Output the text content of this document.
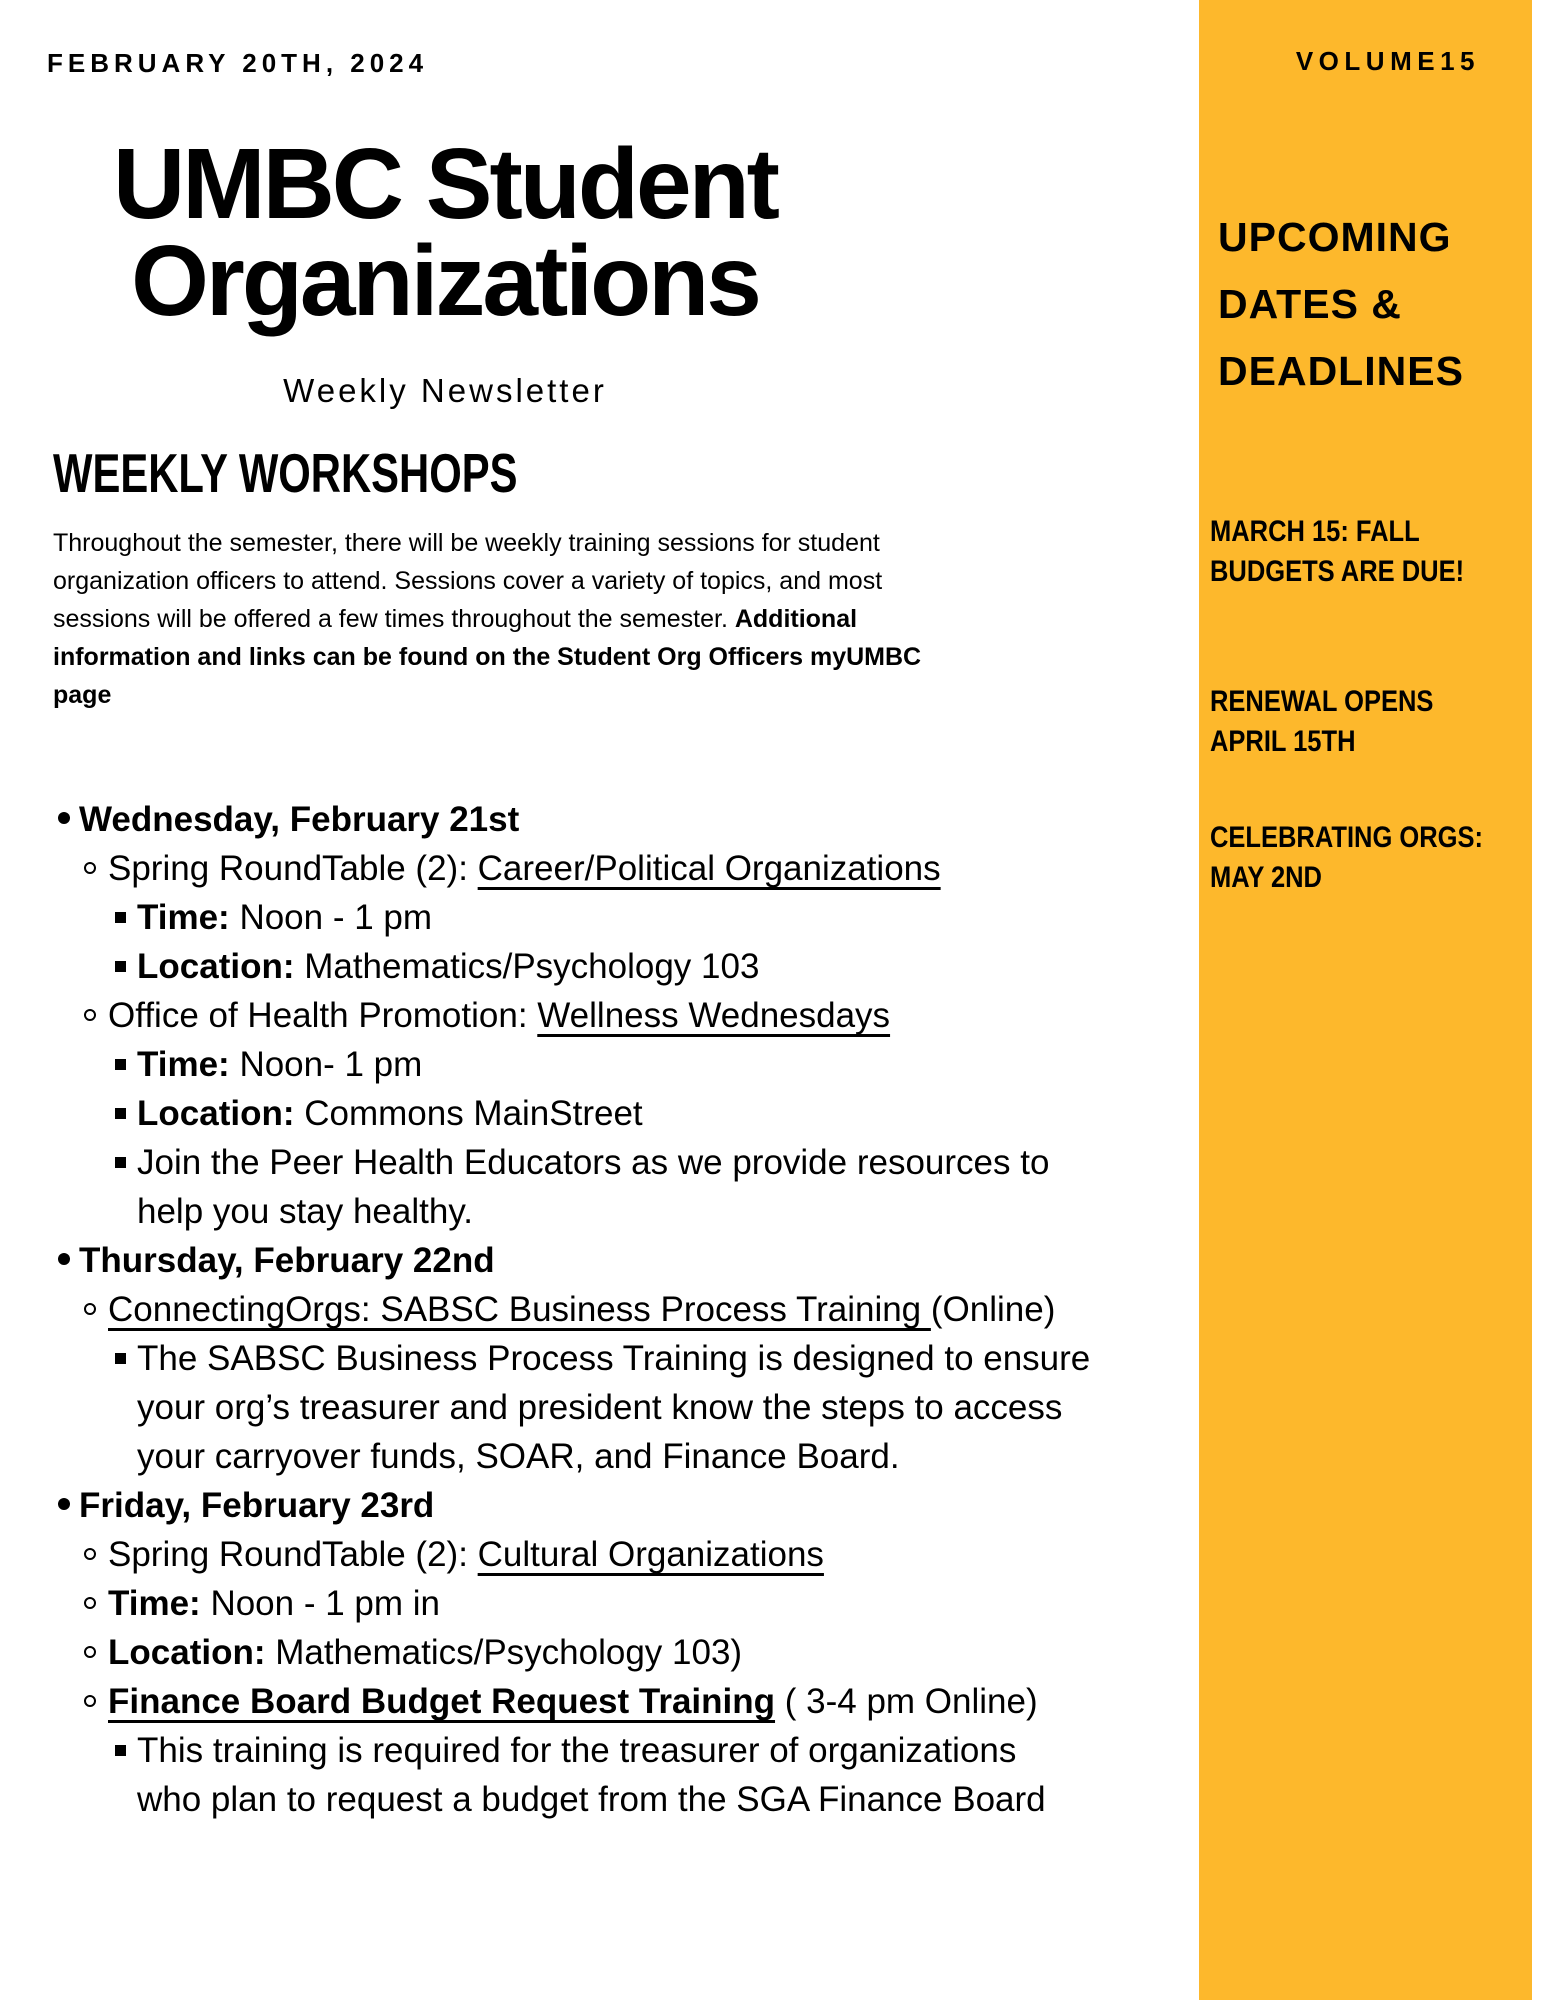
FEBRUARY 20TH, 2024
UMBC Student
Organizations
Weekly Newsletter
WEEKLY WORKSHOPS
Throughout the semester, there will be weekly training sessions for student
organization officers to attend. Sessions cover a variety of topics, and most
sessions will be offered a few times throughout the semester. Additional
information and links can be found on the Student Org Officers myUMBC
page
Wednesday, February 21st
Spring RoundTable (2): Career/Political Organizations
Time: Noon - 1 pm
Location: Mathematics/Psychology 103
Office of Health Promotion: Wellness Wednesdays
Time: Noon- 1 pm
Location: Commons MainStreet
Join the Peer Health Educators as we provide resources to
help you stay healthy.
Thursday, February 22nd
ConnectingOrgs: SABSC Business Process Training (Online)
The SABSC Business Process Training is designed to ensure
your org’s treasurer and president know the steps to access
your carryover funds, SOAR, and Finance Board.
Friday, February 23rd
Spring RoundTable (2): Cultural Organizations
Time: Noon - 1 pm in
Location: Mathematics/Psychology 103)
Finance Board Budget Request Training ( 3-4 pm Online)
This training is required for the treasurer of organizations
who plan to request a budget from the SGA Finance Board
VOLUME15
UPCOMING
DATES &
DEADLINES
MARCH 15: FALL
BUDGETS ARE DUE!
RENEWAL OPENS
APRIL 15TH
CELEBRATING ORGS:
MAY 2ND
